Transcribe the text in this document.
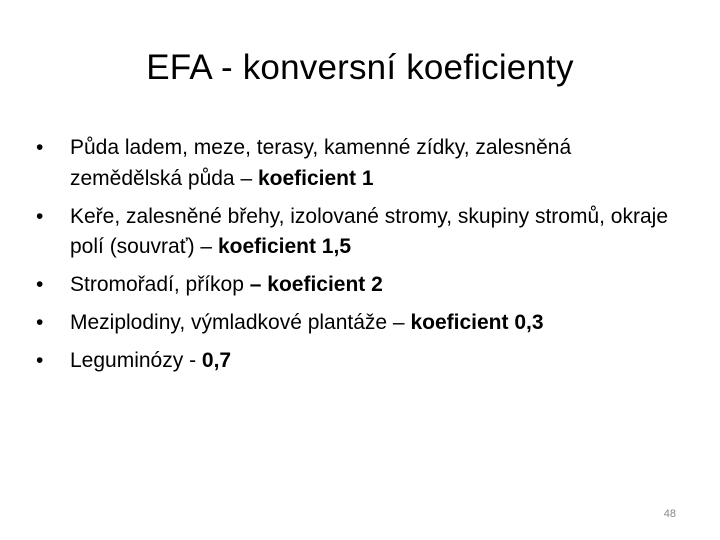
EFA - konversní koeficienty
•	Půda ladem, meze, terasy, kamenné zídky, zalesněná zemědělská půda – koeficient 1
•	Keře, zalesněné břehy, izolované stromy, skupiny stromů, okraje polí (souvrať) – koeficient 1,5
•	Stromořadí, příkop – koeficient 2
•	Meziplodiny, výmladkové plantáže – koeficient 0,3
•	Leguminózy - 0,7
48
